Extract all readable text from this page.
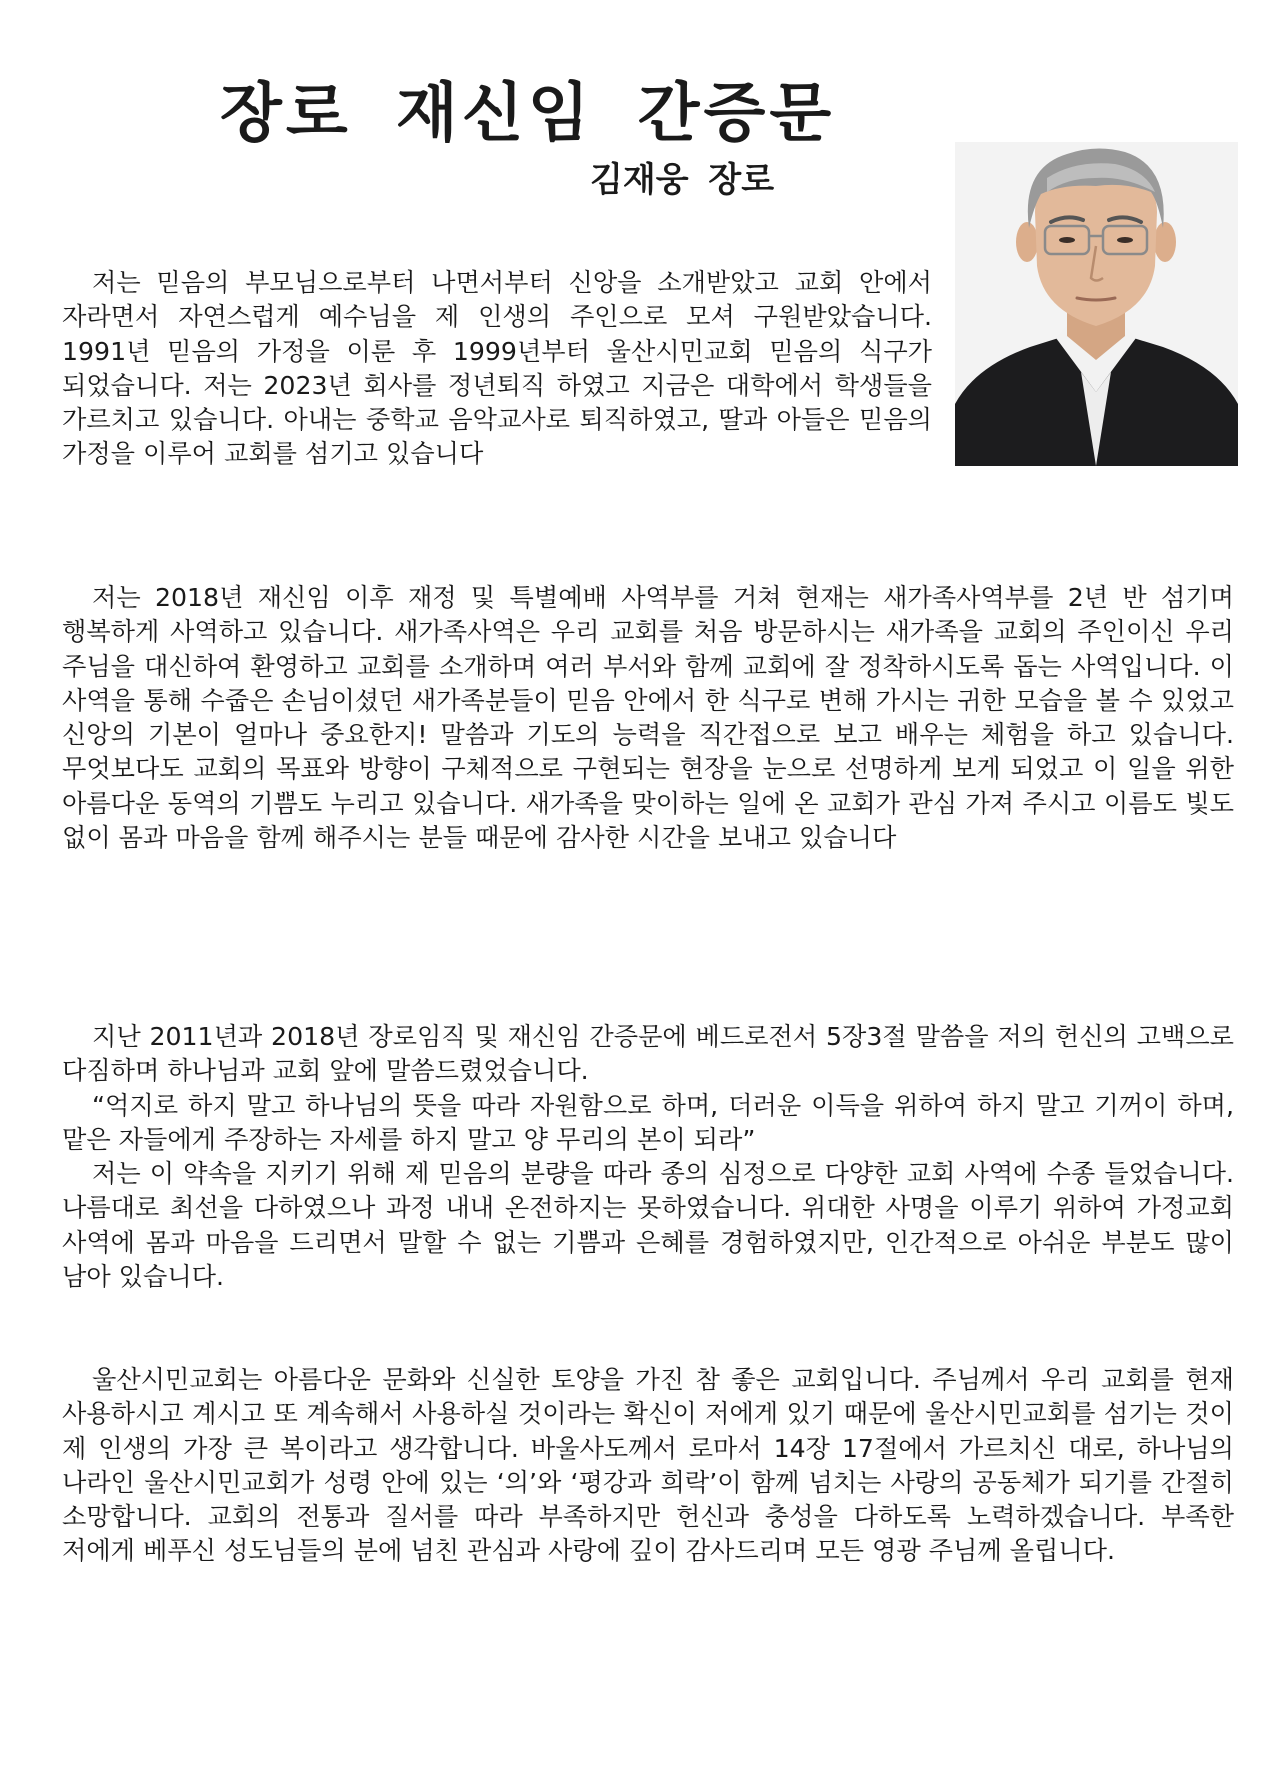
장로 재신임 간증문
김재웅 장로

저는 믿음의 부모님으로부터 나면서부터 신앙을 소개받았고 교회 안에서 자라면서 자연스럽게 예수님을 제 인생의 주인으로 모셔 구원받았습니다. 1991년 믿음의 가정을 이룬 후 1999년부터 울산시민교회 믿음의 식구가 되었습니다. 저는 2023년 회사를 정년퇴직 하였고 지금은 대학에서 학생들을 가르치고 있습니다. 아내는 중학교 음악교사로 퇴직하였고, 딸과 아들은 믿음의 가정을 이루어 교회를 섬기고 있습니다

저는 2018년 재신임 이후 재정 및 특별예배 사역부를 거쳐 현재는 새가족사역부를 2년 반 섬기며 행복하게 사역하고 있습니다. 새가족사역은 우리 교회를 처음 방문하시는 새가족을 교회의 주인이신 우리 주님을 대신하여 환영하고 교회를 소개하며 여러 부서와 함께 교회에 잘 정착하시도록 돕는 사역입니다. 이 사역을 통해 수줍은 손님이셨던 새가족분들이 믿음 안에서 한 식구로 변해 가시는 귀한 모습을 볼 수 있었고 신앙의 기본이 얼마나 중요한지! 말씀과 기도의 능력을 직간접으로 보고 배우는 체험을 하고 있습니다. 무엇보다도 교회의 목표와 방향이 구체적으로 구현되는 현장을 눈으로 선명하게 보게 되었고 이 일을 위한 아름다운 동역의 기쁨도 누리고 있습니다. 새가족을 맞이하는 일에 온 교회가 관심 가져 주시고 이름도 빛도 없이 몸과 마음을 함께 해주시는 분들 때문에 감사한 시간을 보내고 있습니다

지난 2011년과 2018년 장로임직 및 재신임 간증문에 베드로전서 5장3절 말씀을 저의 헌신의 고백으로 다짐하며 하나님과 교회 앞에 말씀드렸었습니다.
“억지로 하지 말고 하나님의 뜻을 따라 자원함으로 하며, 더러운 이득을 위하여 하지 말고 기꺼이 하며, 맡은 자들에게 주장하는 자세를 하지 말고 양 무리의 본이 되라”
저는 이 약속을 지키기 위해 제 믿음의 분량을 따라 종의 심정으로 다양한 교회 사역에 수종 들었습니다. 나름대로 최선을 다하였으나 과정 내내 온전하지는 못하였습니다. 위대한 사명을 이루기 위하여 가정교회 사역에 몸과 마음을 드리면서 말할 수 없는 기쁨과 은혜를 경험하였지만, 인간적으로 아쉬운 부분도 많이 남아 있습니다.

울산시민교회는 아름다운 문화와 신실한 토양을 가진 참 좋은 교회입니다. 주님께서 우리 교회를 현재 사용하시고 계시고 또 계속해서 사용하실 것이라는 확신이 저에게 있기 때문에 울산시민교회를 섬기는 것이 제 인생의 가장 큰 복이라고 생각합니다. 바울사도께서 로마서 14장 17절에서 가르치신 대로, 하나님의 나라인 울산시민교회가 성령 안에 있는 ‘의’와 ‘평강과 희락’이 함께 넘치는 사랑의 공동체가 되기를 간절히 소망합니다. 교회의 전통과 질서를 따라 부족하지만 헌신과 충성을 다하도록 노력하겠습니다. 부족한 저에게 베푸신 성도님들의 분에 넘친 관심과 사랑에 깊이 감사드리며 모든 영광 주님께 올립니다.
